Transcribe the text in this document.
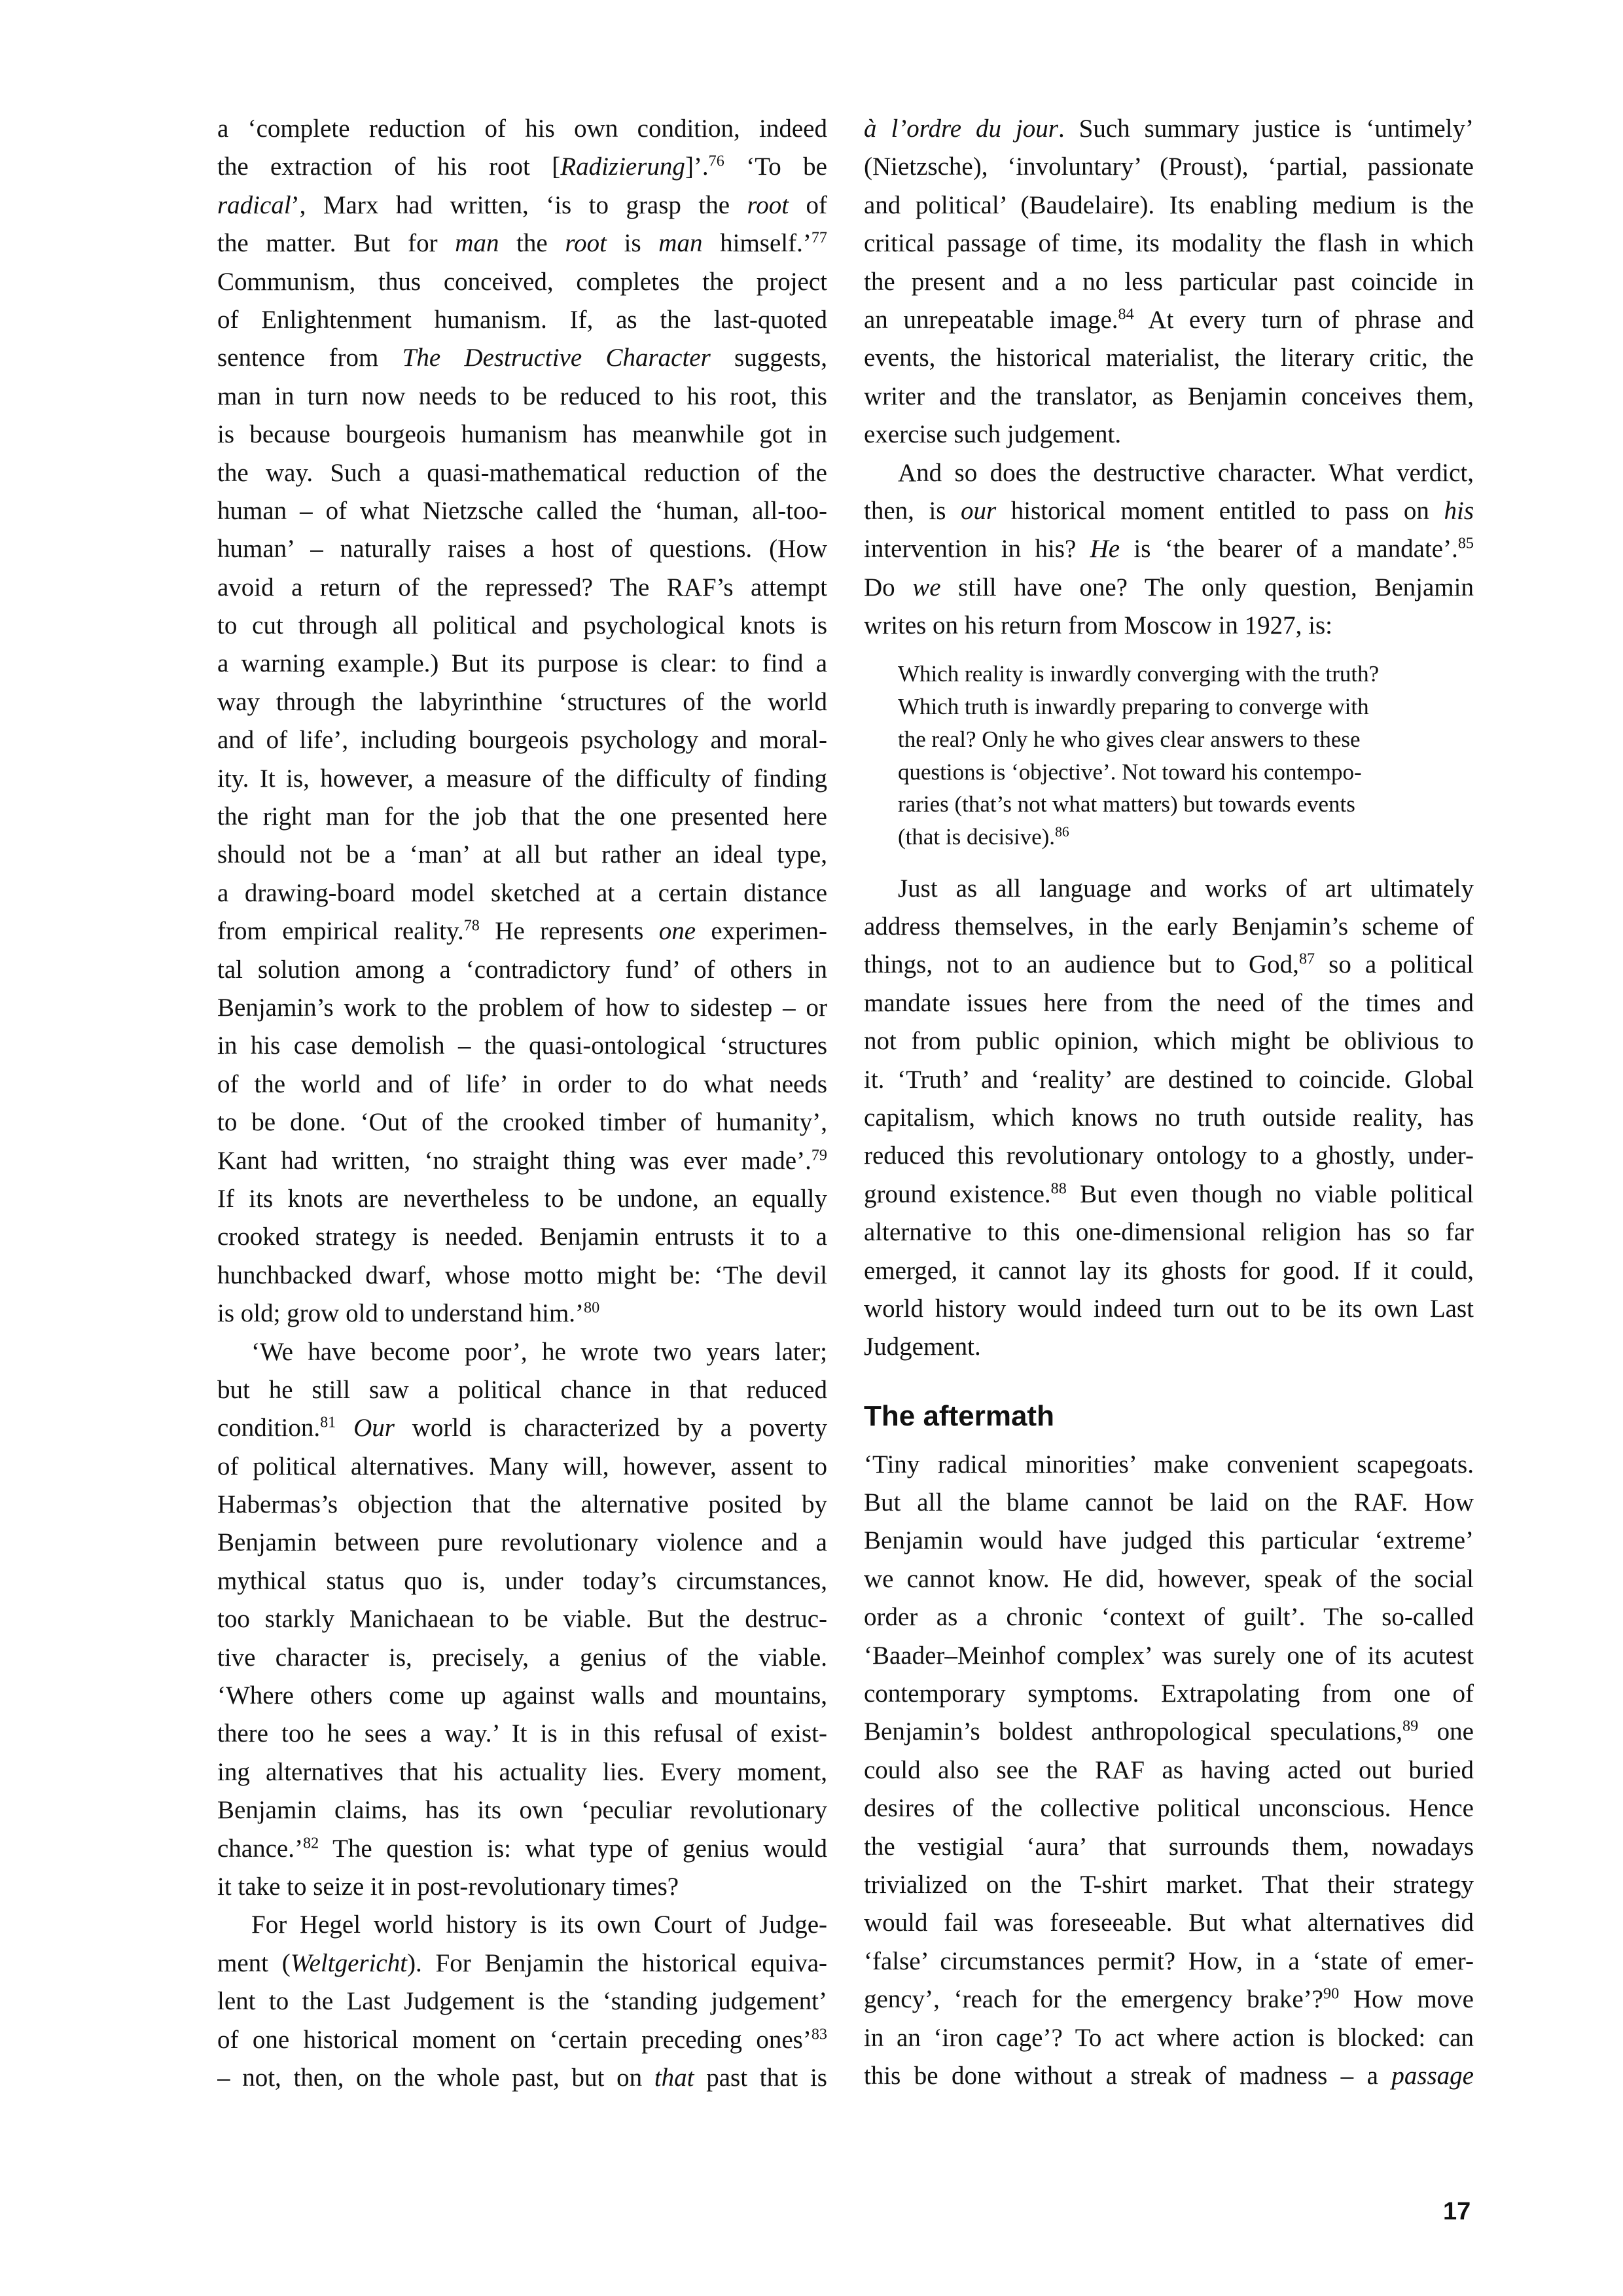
a ‘complete reduction of his own condition, indeed
the extraction of his root [Radizierung]’.$^{76}$ ‘To be
radical’, Marx had written, ‘is to grasp the root of
the matter. But for man the root is man himself.’$^{77}$
Communism, thus conceived, completes the project
of Enlightenment humanism. If, as the last-quoted
sentence from The Destructive Character suggests,
man in turn now needs to be reduced to his root, this
is because bourgeois humanism has meanwhile got in
the way. Such a quasi-mathematical reduction of the
human – of what Nietzsche called the ‘human, all-too-
human’ – naturally raises a host of questions. (How
avoid a return of the repressed? The RAF’s attempt
to cut through all political and psychological knots is
a warning example.) But its purpose is clear: to find a
way through the labyrinthine ‘structures of the world
and of life’, including bourgeois psychology and moral-
ity. It is, however, a measure of the difficulty of finding
the right man for the job that the one presented here
should not be a ‘man’ at all but rather an ideal type,
a drawing-board model sketched at a certain distance
from empirical reality.$^{78}$ He represents one experimen-
tal solution among a ‘contradictory fund’ of others in
Benjamin’s work to the problem of how to sidestep – or
in his case demolish – the quasi-ontological ‘structures
of the world and of life’ in order to do what needs
to be done. ‘Out of the crooked timber of humanity’,
Kant had written, ‘no straight thing was ever made’.$^{79}$
If its knots are nevertheless to be undone, an equally
crooked strategy is needed. Benjamin entrusts it to a
hunchbacked dwarf, whose motto might be: ‘The devil
is old; grow old to understand him.’$^{80}$
‘We have become poor’, he wrote two years later;
but he still saw a political chance in that reduced
condition.$^{81}$ Our world is characterized by a poverty
of political alternatives. Many will, however, assent to
Habermas’s objection that the alternative posited by
Benjamin between pure revolutionary violence and a
mythical status quo is, under today’s circumstances,
too starkly Manichaean to be viable. But the destruc-
tive character is, precisely, a genius of the viable.
‘Where others come up against walls and mountains,
there too he sees a way.’ It is in this refusal of exist-
ing alternatives that his actuality lies. Every moment,
Benjamin claims, has its own ‘peculiar revolutionary
chance.’$^{82}$ The question is: what type of genius would
it take to seize it in post-revolutionary times?
For Hegel world history is its own Court of Judge-
ment (Weltgericht). For Benjamin the historical equiva-
lent to the Last Judgement is the ‘standing judgement’
of one historical moment on ‘certain preceding ones’$^{83}$
– not, then, on the whole past, but on that past that is
à l’ordre du jour. Such summary justice is ‘untimely’
(Nietzsche), ‘involuntary’ (Proust), ‘partial, passionate
and political’ (Baudelaire). Its enabling medium is the
critical passage of time, its modality the flash in which
the present and a no less particular past coincide in
an unrepeatable image.$^{84}$ At every turn of phrase and
events, the historical materialist, the literary critic, the
writer and the translator, as Benjamin conceives them,
exercise such judgement.
And so does the destructive character. What verdict,
then, is our historical moment entitled to pass on his
intervention in his? He is ‘the bearer of a mandate’.$^{85}$
Do we still have one? The only question, Benjamin
writes on his return from Moscow in 1927, is:
Which reality is inwardly converging with the truth?
Which truth is inwardly preparing to converge with
the real? Only he who gives clear answers to these
questions is ‘objective’. Not toward his contempo-
raries (that’s not what matters) but towards events
(that is decisive).$^{86}$
Just as all language and works of art ultimately
address themselves, in the early Benjamin’s scheme of
things, not to an audience but to God,$^{87}$ so a political
mandate issues here from the need of the times and
not from public opinion, which might be oblivious to
it. ‘Truth’ and ‘reality’ are destined to coincide. Global
capitalism, which knows no truth outside reality, has
reduced this revolutionary ontology to a ghostly, under-
ground existence.$^{88}$ But even though no viable political
alternative to this one-dimensional religion has so far
emerged, it cannot lay its ghosts for good. If it could,
world history would indeed turn out to be its own Last
Judgement.
The aftermath
‘Tiny radical minorities’ make convenient scapegoats.
But all the blame cannot be laid on the RAF. How
Benjamin would have judged this particular ‘extreme’
we cannot know. He did, however, speak of the social
order as a chronic ‘context of guilt’. The so-called
‘Baader–Meinhof complex’ was surely one of its acutest
contemporary symptoms. Extrapolating from one of
Benjamin’s boldest anthropological speculations,$^{89}$ one
could also see the RAF as having acted out buried
desires of the collective political unconscious. Hence
the vestigial ‘aura’ that surrounds them, nowadays
trivialized on the T-shirt market. That their strategy
would fail was foreseeable. But what alternatives did
‘false’ circumstances permit? How, in a ‘state of emer-
gency’, ‘reach for the emergency brake’?$^{90}$ How move
in an ‘iron cage’? To act where action is blocked: can
this be done without a streak of madness – a passage
17
